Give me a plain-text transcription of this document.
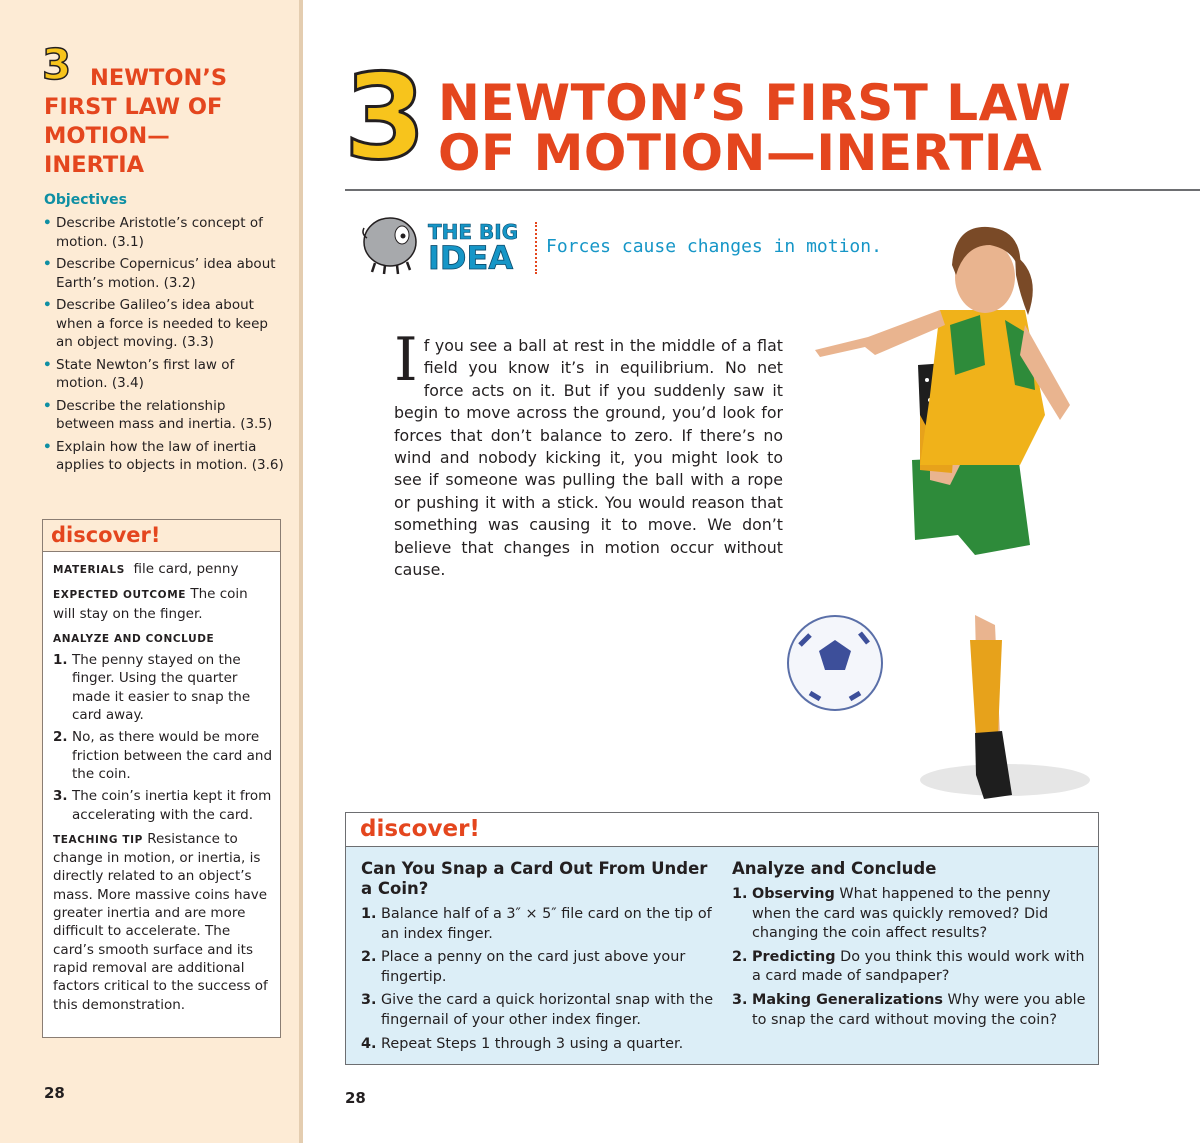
3 NEWTON’S
FIRST LAW OF MOTION— INERTIA
Objectives
• Describe Aristotle’s concept of motion. (3.1)
• Describe Copernicus’ idea about Earth’s motion. (3.2)
• Describe Galileo’s idea about when a force is needed to keep an object moving. (3.3)
• State Newton’s first law of motion. (3.4)
• Describe the relationship between mass and inertia. (3.5)
• Explain how the law of inertia applies to objects in motion. (3.6)
discover!

MATERIALS file card, penny

EXPECTED OUTCOME The coin will stay on the finger.

ANALYZE AND CONCLUDE

1. The penny stayed on the finger. Using the quarter made it easier to snap the card away.
2. No, as there would be more friction between the card and the coin.
3. The coin’s inertia kept it from accelerating with the card.

TEACHING TIP Resistance to change in motion, or inertia, is directly related to an object’s mass. More massive coins have greater inertia and are more difficult to accelerate. The card’s smooth surface and its rapid removal are additional factors critical to the success of this demonstration.

28
3 NEWTON’S FIRST LAW
OF MOTION—INERTIA
THE BIG
IDEA Forces cause changes in motion.
If you see a ball at rest in the middle of a flat field you know it’s in equilibrium. No net force acts on it. But if you suddenly saw it begin to move across the ground, you’d look for forces that don’t balance to zero. If there’s no wind and nobody kicking it, you might look to see if someone was pulling the ball with a rope or pushing it with a stick. You would reason that something was causing it to move. We don’t believe that changes in motion occur without cause.
discover!
Can You Snap a Card Out From Under a Coin?
1. Balance half of a 3″ × 5″ file card on the tip of an index finger.
2. Place a penny on the card just above your fingertip.
3. Give the card a quick horizontal snap with the fingernail of your other index finger.
4. Repeat Steps 1 through 3 using a quarter.
Analyze and Conclude
1. Observing What happened to the penny when the card was quickly removed? Did changing the coin affect results?
2. Predicting Do you think this would work with a card made of sandpaper?
3. Making Generalizations Why were you able to snap the card without moving the coin?
28
